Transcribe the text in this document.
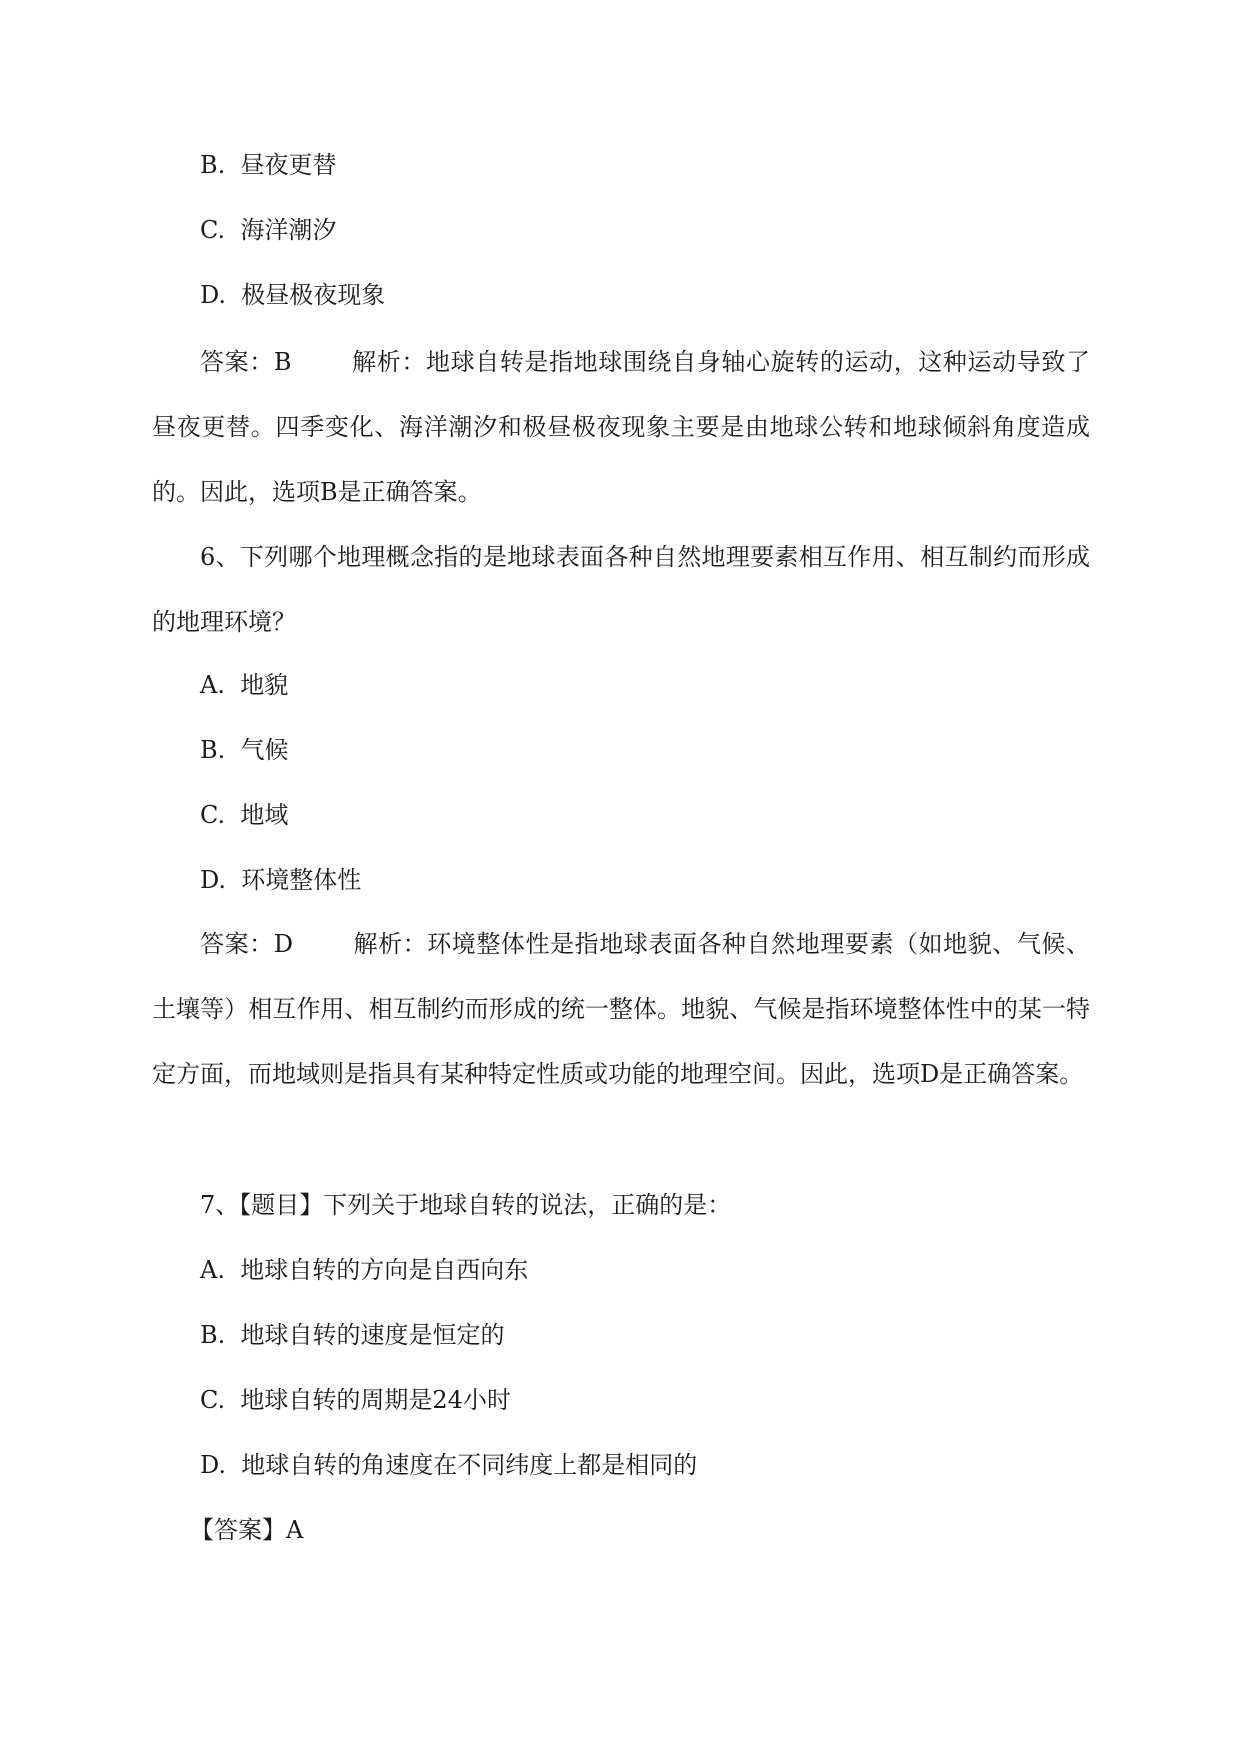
B. 昼夜更替
C. 海洋潮汐
D. 极昼极夜现象
答案：B	解析：地球自转是指地球围绕自身轴心旋转的运动，这种运动导致了昼夜更替。四季变化、海洋潮汐和极昼极夜现象主要是由地球公转和地球倾斜角度造成的。因此，选项B是正确答案。
6、下列哪个地理概念指的是地球表面各种自然地理要素相互作用、相互制约而形成的地理环境？
A. 地貌
B. 气候
C. 地域
D. 环境整体性
答案：D	解析：环境整体性是指地球表面各种自然地理要素（如地貌、气候、土壤等）相互作用、相互制约而形成的统一整体。地貌、气候是指环境整体性中的某一特定方面，而地域则是指具有某种特定性质或功能的地理空间。因此，选项D是正确答案。
7、【题目】下列关于地球自转的说法，正确的是：
A. 地球自转的方向是自西向东
B. 地球自转的速度是恒定的
C. 地球自转的周期是24小时
D. 地球自转的角速度在不同纬度上都是相同的
【答案】A
